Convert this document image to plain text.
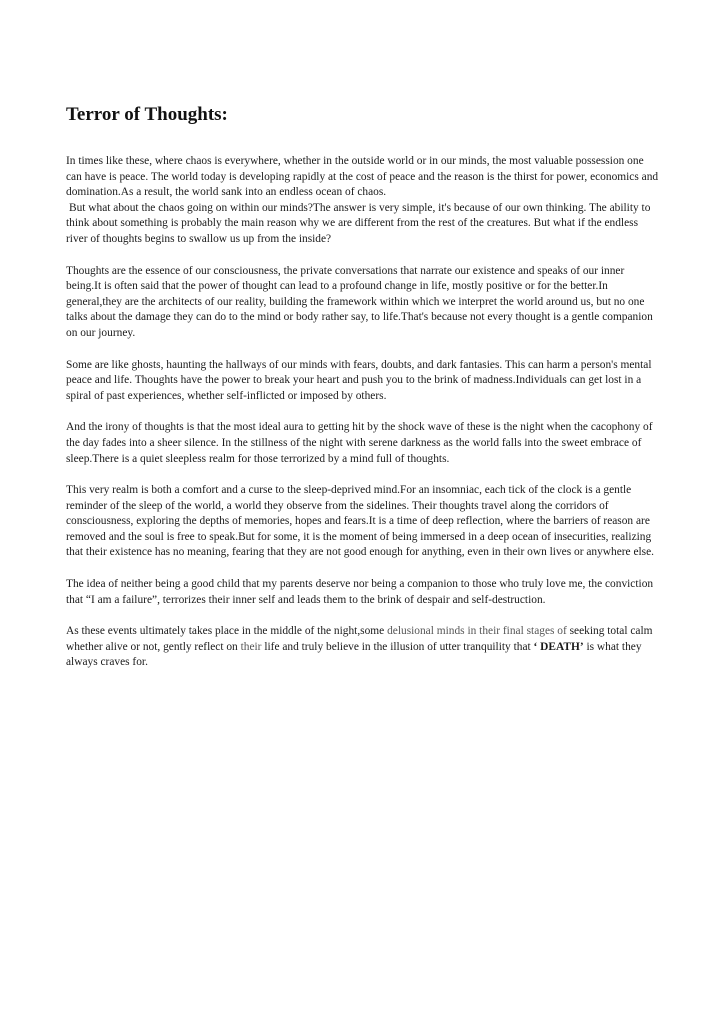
Terror of Thoughts:

In times like these, where chaos is everywhere, whether in the outside world or in our minds, the most valuable possession one can have is peace. The world today is developing rapidly at the cost of peace and the reason is the thirst for power, economics and domination.As a result, the world sank into an endless ocean of chaos.

But what about the chaos going on within our minds?The answer is very simple, it's because of our own thinking. The ability to think about something is probably the main reason why we are different from the rest of the creatures. But what if the endless river of thoughts begins to swallow us up from the inside?

Thoughts are the essence of our consciousness, the private conversations that narrate our existence and speaks of our inner being.It is often said that the power of thought can lead to a profound change in life, mostly positive or for the better.In general,they are the architects of our reality, building the framework within which we interpret the world around us, but no one talks about the damage they can do to the mind or body rather say, to life.That's because not every thought is a gentle companion on our journey.

Some are like ghosts, haunting the hallways of our minds with fears, doubts, and dark fantasies. This can harm a person's mental peace and life. Thoughts have the power to break your heart and push you to the brink of madness.Individuals can get lost in a spiral of past experiences, whether self-inflicted or imposed by others.

And the irony of thoughts is that the most ideal aura to getting hit by the shock wave of these is the night when the cacophony of the day fades into a sheer silence. In the stillness of the night with serene darkness as the world falls into the sweet embrace of sleep.There is a quiet sleepless realm for those terrorized by a mind full of thoughts.

This very realm is both a comfort and a curse to the sleep-deprived mind.For an insomniac, each tick of the clock is a gentle reminder of the sleep of the world, a world they observe from the sidelines. Their thoughts travel along the corridors of consciousness, exploring the depths of memories, hopes and fears.It is a time of deep reflection, where the barriers of reason are removed and the soul is free to speak.But for some, it is the moment of being immersed in a deep ocean of insecurities, realizing that their existence has no meaning, fearing that they are not good enough for anything, even in their own lives or anywhere else.

The idea of neither being a good child that my parents deserve nor being a companion to those who truly love me, the conviction that “I am a failure”, terrorizes their inner self and leads them to the brink of despair and self-destruction.

As these events ultimately takes place in the middle of the night,some delusional minds in their final stages of seeking total calm whether alive or not, gently reflect on their life and truly believe in the illusion of utter tranquility that ‘ DEATH’ is what they always craves for.
